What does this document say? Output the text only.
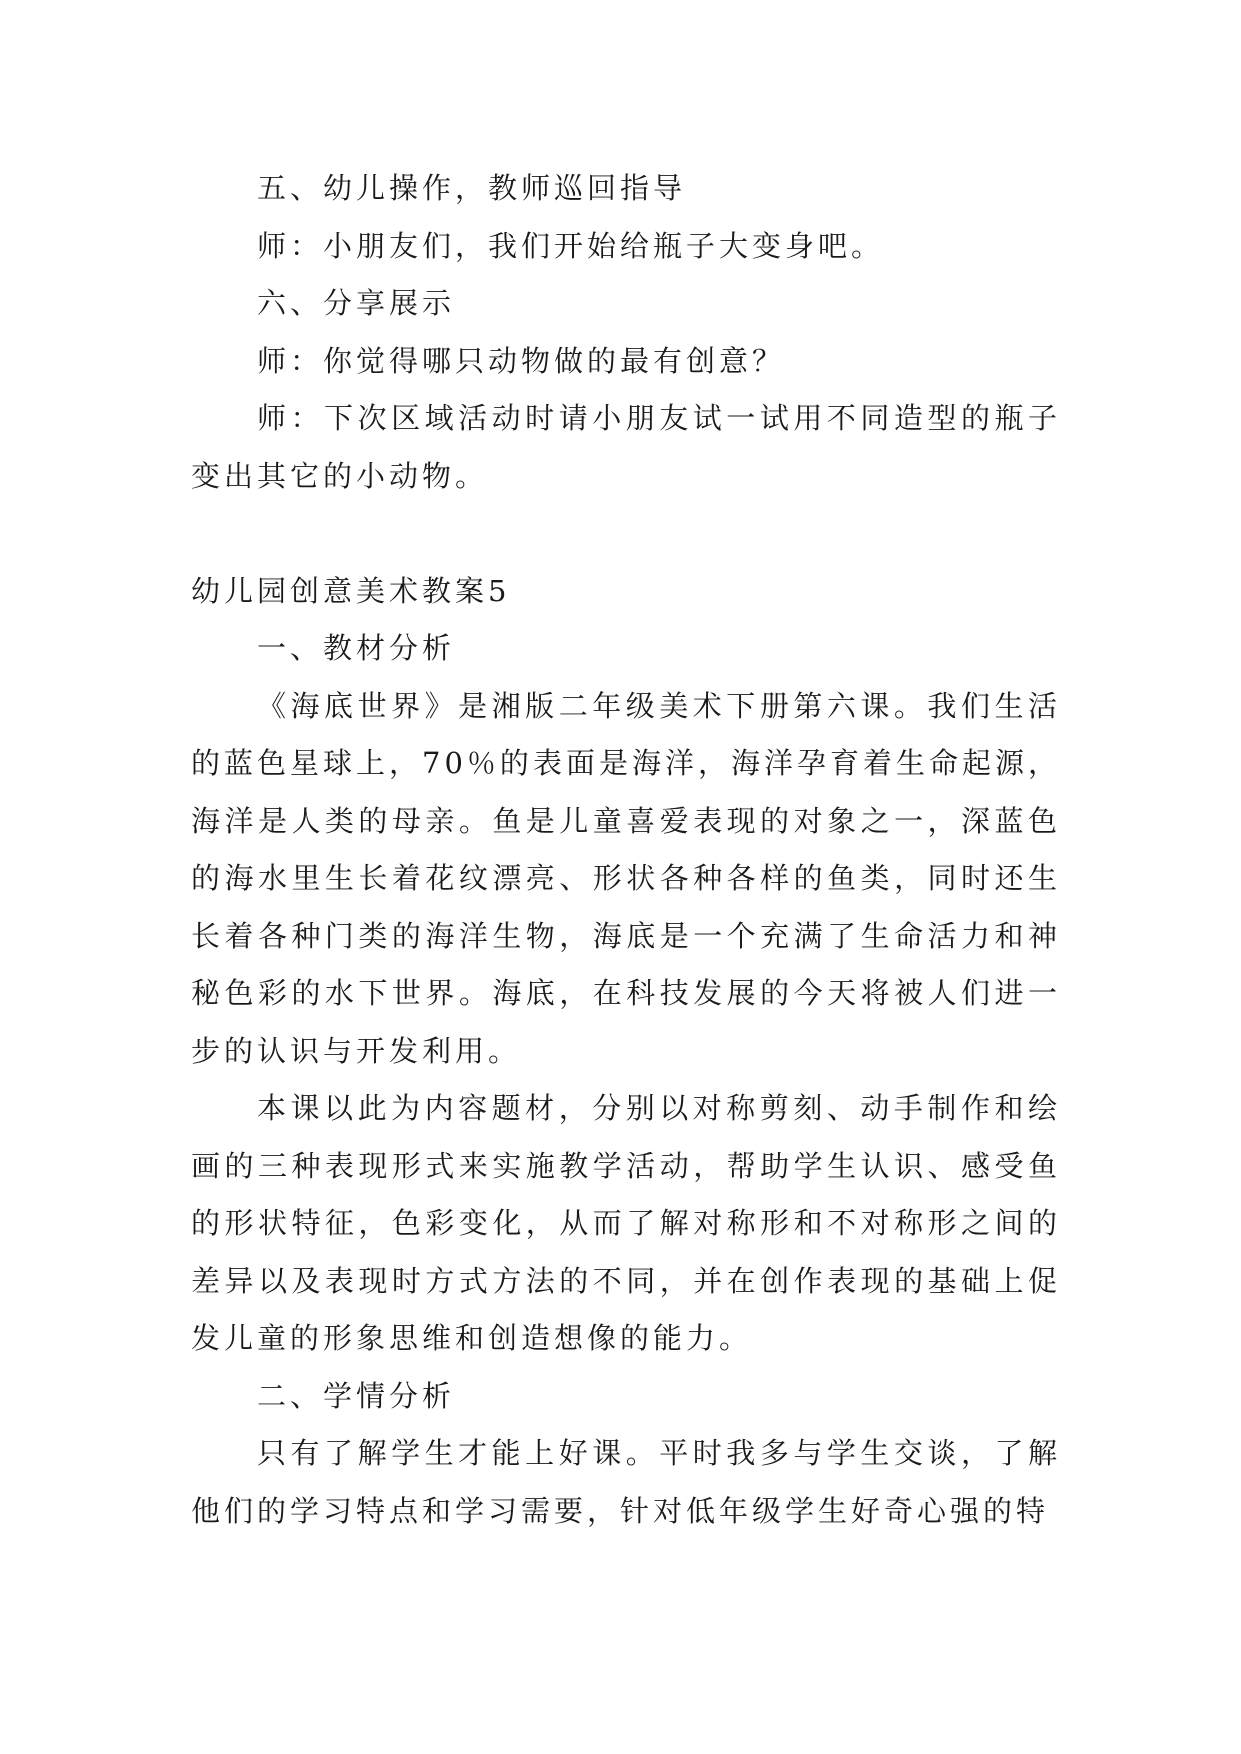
五、幼儿操作，教师巡回指导

师：小朋友们，我们开始给瓶子大变身吧。

六、分享展示

师：你觉得哪只动物做的最有创意？

师：下次区域活动时请小朋友试一试用不同造型的瓶子变出其它的小动物。

幼儿园创意美术教案5

一、教材分析

《海底世界》是湘版二年级美术下册第六课。我们生活的蓝色星球上，70％的表面是海洋，海洋孕育着生命起源，海洋是人类的母亲。鱼是儿童喜爱表现的对象之一，深蓝色的海水里生长着花纹漂亮、形状各种各样的鱼类，同时还生长着各种门类的海洋生物，海底是一个充满了生命活力和神秘色彩的水下世界。海底，在科技发展的今天将被人们进一步的认识与开发利用。

本课以此为内容题材，分别以对称剪刻、动手制作和绘画的三种表现形式来实施教学活动，帮助学生认识、感受鱼的形状特征，色彩变化，从而了解对称形和不对称形之间的差异以及表现时方式方法的不同，并在创作表现的基础上促发儿童的形象思维和创造想像的能力。

二、学情分析

只有了解学生才能上好课。平时我多与学生交谈，了解他们的学习特点和学习需要，针对低年级学生好奇心强的特
